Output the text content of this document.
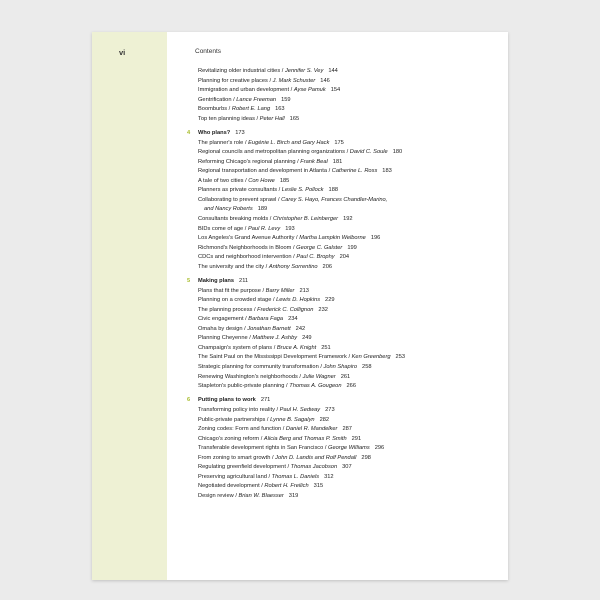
vi	Contents
Revitalizing older industrial cities / Jennifer S. Vey 144
Planning for creative places / J. Mark Schuster 146
Immigration and urban development / Ayse Pamuk 154
Gentrification / Lance Freeman 159
Boomburbs / Robert E. Lang 163
Top ten planning ideas / Peter Hall 165
4 Who plans? 173
The planner's role / Eugénie L. Birch and Gary Hack 175
Regional councils and metropolitan planning organizations / David C. Soule 180
Reforming Chicago's regional planning / Frank Beal 181
Regional transportation and development in Atlanta / Catherine L. Ross 183
A tale of two cities / Con Howe 185
Planners as private consultants / Leslie S. Pollock 188
Collaborating to prevent sprawl / Carey S. Hayo, Frances Chandler-Marino,
and Nancy Roberts 189
Consultants breaking molds / Christopher B. Leinberger 192
BIDs come of age / Paul R. Levy 193
Los Angeles's Grand Avenue Authority / Martha Lampkin Welborne 196
Richmond's Neighborhoods in Bloom / George C. Galster 199
CDCs and neighborhood intervention / Paul C. Brophy 204
The university and the city / Anthony Sorrentino 206
5 Making plans 211
Plans that fit the purpose / Barry Miller 213
Planning on a crowded stage / Lewis D. Hopkins 229
The planning process / Frederick C. Collignon 232
Civic engagement / Barbara Faga 234
Omaha by design / Jonathan Barnett 242
Planning Cheyenne / Matthew J. Ashby 249
Champaign's system of plans / Bruce A. Knight 251
The Saint Paul on the Mississippi Development Framework / Ken Greenberg 253
Strategic planning for community transformation / John Shapiro 258
Renewing Washington's neighborhoods / Julie Wagner 261
Stapleton's public-private planning / Thomas A. Gougeon 266
6 Putting plans to work 271
Transforming policy into reality / Paul H. Sedway 273
Public-private partnerships / Lynne B. Sagalyn 282
Zoning codes: Form and function / Daniel R. Mandelker 287
Chicago's zoning reform / Alicia Berg and Thomas P. Smith 291
Transferable development rights in San Francisco / George Williams 296
From zoning to smart growth / John D. Landis and Rolf Pendall 298
Regulating greenfield development / Thomas Jacobson 307
Preserving agricultural land / Thomas L. Daniels 312
Negotiated development / Robert H. Freilich 315
Design review / Brian W. Blaesser 319
